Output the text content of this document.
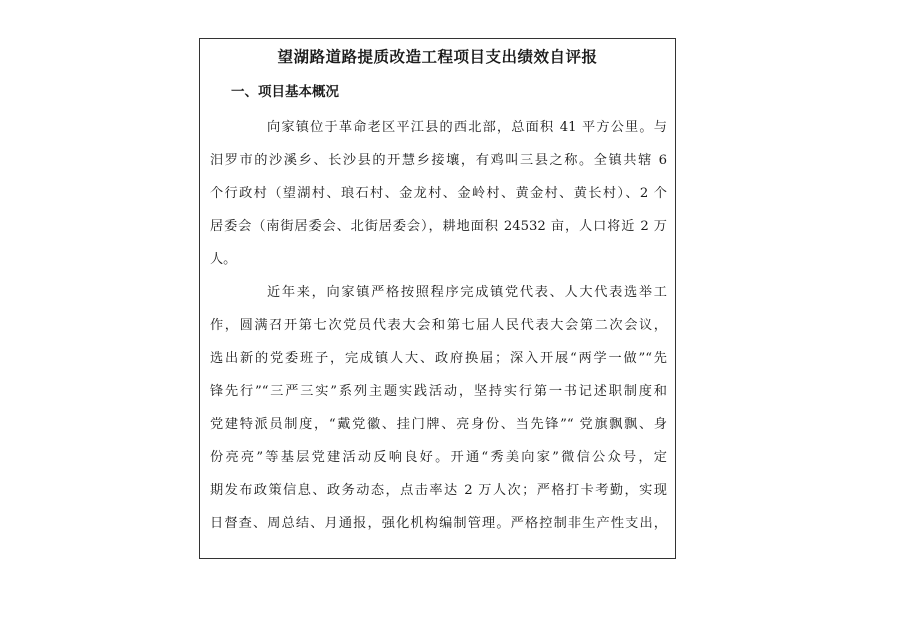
望湖路道路提质改造工程项目支出绩效自评报
一、项目基本概况

向家镇位于革命老区平江县的西北部，总面积 41 平方公里。与

汨罗市的沙溪乡、长沙县的开慧乡接壤，有鸡叫三县之称。全镇共辖 6

个行政村（望湖村、琅石村、金龙村、金岭村、黄金村、黄长村）、2 个

居委会（南街居委会、北街居委会），耕地面积 24532 亩，人口将近 2 万

人。

近年来，向家镇严格按照程序完成镇党代表、人大代表选举工

作，圆满召开第七次党员代表大会和第七届人民代表大会第二次会议，

选出新的党委班子，完成镇人大、政府换届；深入开展“两学一做”“先

锋先行”“三严三实”系列主题实践活动，坚持实行第一书记述职制度和

党建特派员制度，“戴党徽、挂门牌、亮身份、当先锋”“ 党旗飘飘、身

份亮亮”等基层党建活动反响良好。开通“秀美向家”微信公众号，定

期发布政策信息、政务动态，点击率达 2 万人次；严格打卡考勤，实现

日督查、周总结、月通报，强化机构编制管理。严格控制非生产性支出，
